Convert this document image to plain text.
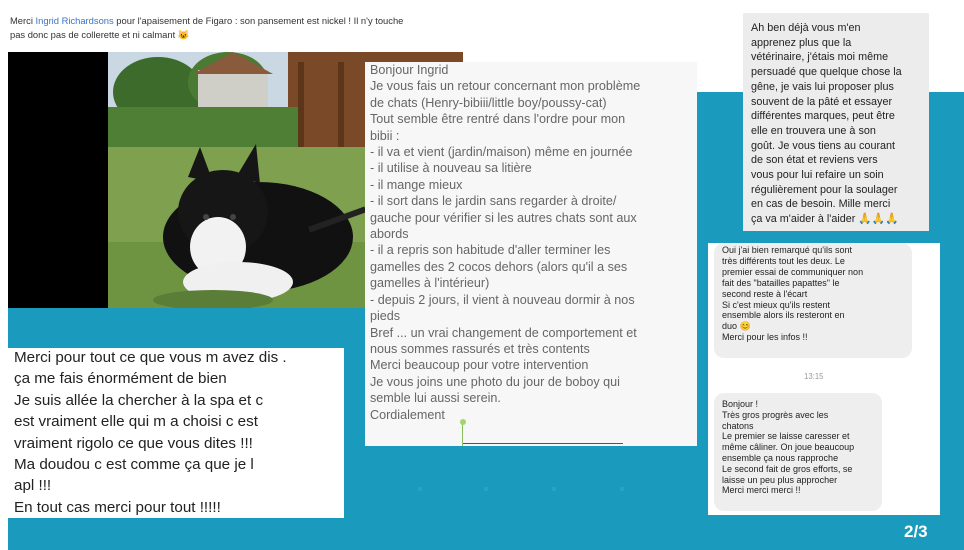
Merci Ingrid Richardsons pour l'apaisement de Figaro : son pansement est nickel ! Il n'y touche
pas donc pas de collerette et ni calmant 😺
Bonjour Ingrid
Je vous fais un retour concernant mon problème
de chats (Henry-bibiii/little boy/poussy-cat)
Tout semble être rentré dans l'ordre pour mon
bibii :
- il va et vient (jardin/maison) même en journée
- il utilise à nouveau sa litière
- il mange mieux
- il sort dans le jardin sans regarder à droite/
gauche pour vérifier si les autres chats sont aux
abords
- il a repris son habitude d'aller terminer les
gamelles des 2 cocos dehors (alors qu'il a ses
gamelles à l'intérieur)
- depuis 2 jours, il vient à nouveau dormir à nos
pieds
Bref ... un vrai changement de comportement et
nous sommes rassurés et très contents
Merci beaucoup pour votre intervention
Je vous joins une photo du jour de boboy qui
semble lui aussi serein.
Cordialement
Merci pour tout ce que vous m avez dis .
ça me fais énormément de bien
Je suis allée la chercher à la spa et c
est vraiment elle qui m a choisi c est
vraiment rigolo ce que vous dites !!!
Ma doudou c est comme ça que je l
apl !!!
En tout cas merci pour tout !!!!!
Ah ben déjà vous m'en
apprenez plus que la
vétérinaire, j'étais moi même
persuadé que quelque chose la
gêne, je vais lui proposer plus
souvent de la pâté et essayer
différentes marques, peut être
elle en trouvera une à son
goût. Je vous tiens au courant
de son état et reviens vers
vous pour lui refaire un soin
régulièrement pour la soulager
en cas de besoin. Mille merci
ça va m'aider à l'aider 🙏🙏🙏
Oui j'ai bien remarqué qu'ils sont
très différents tout les deux. Le
premier essai de communiquer non
fait des "batailles papattes" le
second reste à l'écart
Si c'est mieux qu'ils restent
ensemble alors ils resteront en
duo 😊
Merci pour les infos !!
13:15
Bonjour !
Très gros progrès avec les
chatons
Le premier se laisse caresser et
même câliner. On joue beaucoup
ensemble ça nous rapproche
Le second fait de gros efforts, se
laisse un peu plus approcher
Merci merci merci !!
2/3
